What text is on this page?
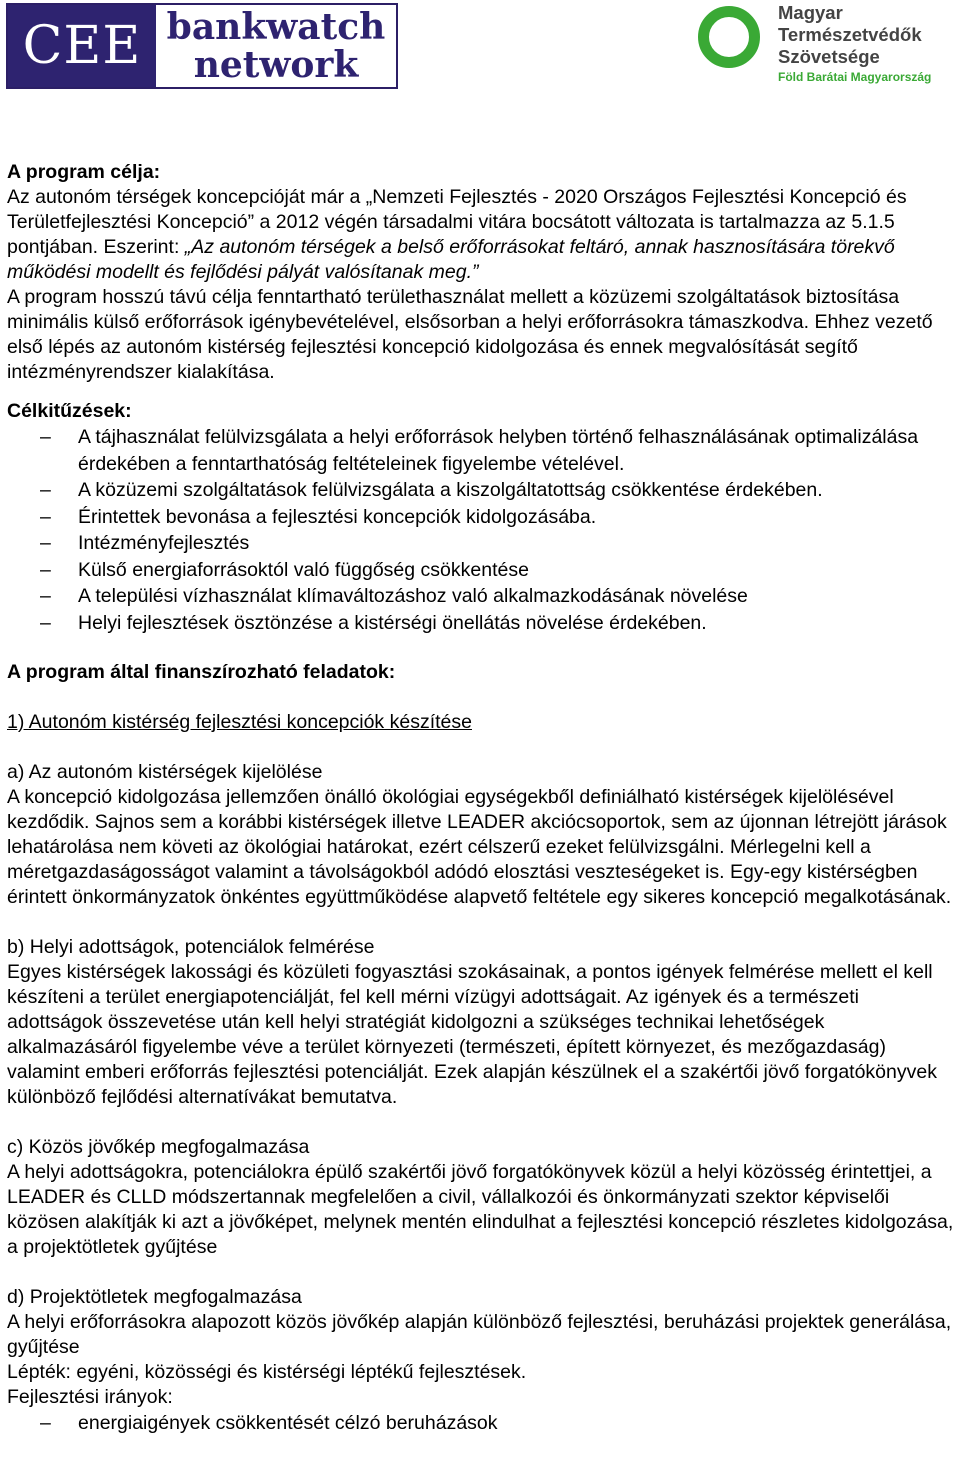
CEE bankwatch
network
Magyar
Természetvédők
Szövetsége
Föld Barátai Magyarország

A program célja:

Az autonóm térségek koncepcióját már a „Nemzeti Fejlesztés - 2020 Országos Fejlesztési Koncepció és Területfejlesztési Koncepció” a 2012 végén társadalmi vitára bocsátott változata is tartalmazza az 5.1.5 pontjában. Eszerint: „Az autonóm térségek a belső erőforrásokat feltáró, annak hasznosítására törekvő működési modellt és fejlődési pályát valósítanak meg.”

A program hosszú távú célja fenntartható területhasználat mellett a közüzemi szolgáltatások biztosítása minimális külső erőforrások igénybevételével, elsősorban a helyi erőforrásokra támaszkodva. Ehhez vezető első lépés az autonóm kistérség fejlesztési koncepció kidolgozása és ennek megvalósítását segítő intézményrendszer kialakítása.

Célkitűzések:

– A tájhasználat felülvizsgálata a helyi erőforrások helyben történő felhasználásának optimalizálása érdekében a fenntarthatóság feltételeinek figyelembe vételével.
– A közüzemi szolgáltatások felülvizsgálata a kiszolgáltatottság csökkentése érdekében.
– Érintettek bevonása a fejlesztési koncepciók kidolgozásába.
– Intézményfejlesztés
– Külső energiaforrásoktól való függőség csökkentése
– A települési vízhasználat klímaváltozáshoz való alkalmazkodásának növelése
– Helyi fejlesztések ösztönzése a kistérségi önellátás növelése érdekében.

A program által finanszírozható feladatok:

1) Autonóm kistérség fejlesztési koncepciók készítése

a) Az autonóm kistérségek kijelölése

A koncepció kidolgozása jellemzően önálló ökológiai egységekből definiálható kistérségek kijelölésével kezdődik. Sajnos sem a korábbi kistérségek illetve LEADER akciócsoportok, sem az újonnan létrejött járások lehatárolása nem követi az ökológiai határokat, ezért célszerű ezeket felülvizsgálni. Mérlegelni kell a méretgazdaságosságot valamint a távolságokból adódó elosztási veszteségeket is. Egy-egy kistérségben érintett önkormányzatok önkéntes együttműködése alapvető feltétele egy sikeres koncepció megalkotásának.

b) Helyi adottságok, potenciálok felmérése

Egyes kistérségek lakossági és közületi fogyasztási szokásainak, a pontos igények felmérése mellett el kell készíteni a terület energiapotenciálját, fel kell mérni vízügyi adottságait. Az igények és a természeti adottságok összevetése után kell helyi stratégiát kidolgozni a szükséges technikai lehetőségek alkalmazásáról figyelembe véve a terület környezeti (természeti, épített környezet, és mezőgazdaság) valamint emberi erőforrás fejlesztési potenciálját. Ezek alapján készülnek el a szakértői jövő forgatókönyvek különböző fejlődési alternatívákat bemutatva.

c) Közös jövőkép megfogalmazása

A helyi adottságokra, potenciálokra épülő szakértői jövő forgatókönyvek közül a helyi közösség érintettjei, a LEADER és CLLD módszertannak megfelelően a civil, vállalkozói és önkormányzati szektor képviselői közösen alakítják ki azt a jövőképet, melynek mentén elindulhat a fejlesztési koncepció részletes kidolgozása, a projektötletek gyűjtése

d) Projektötletek megfogalmazása

A helyi erőforrásokra alapozott közös jövőkép alapján különböző fejlesztési, beruházási projektek generálása, gyűjtése

Lépték: egyéni, közösségi és kistérségi léptékű fejlesztések.

Fejlesztési irányok:

– energiaigények csökkentését célzó beruházások
